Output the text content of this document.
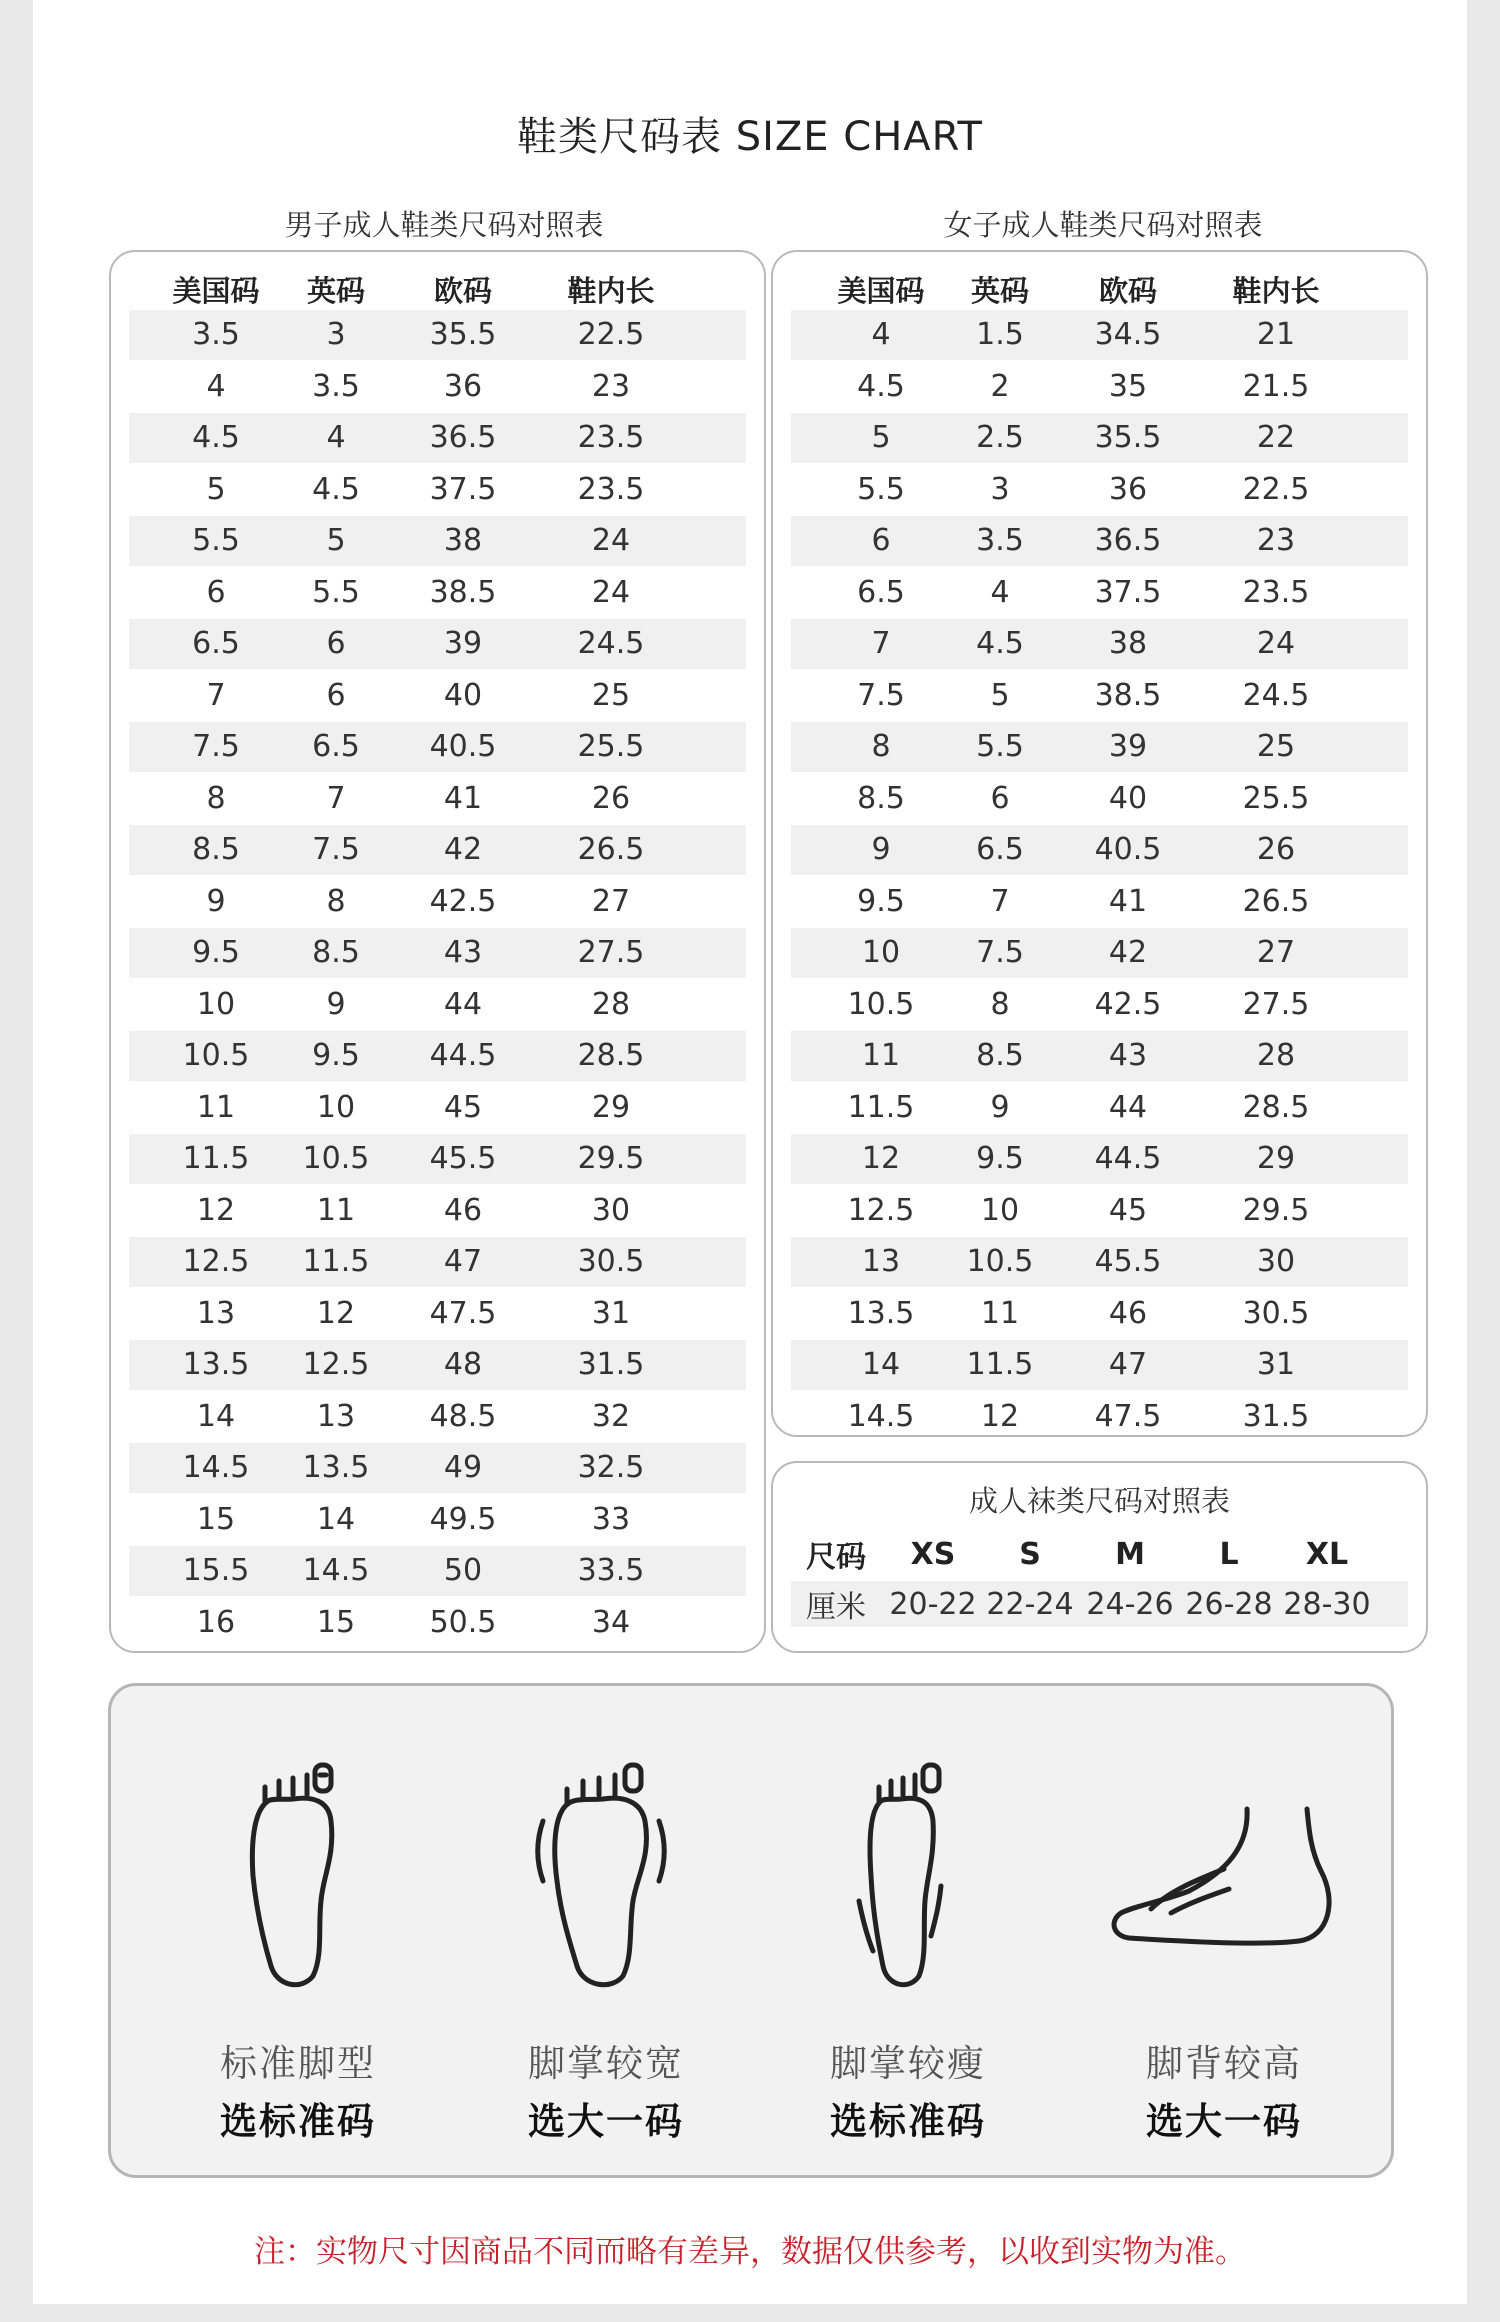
鞋类尺码表 SIZE CHART
男子成人鞋类尺码对照表
美国码	英码	欧码	鞋内长
3.5	3	35.5	22.5
4	3.5	36	23
4.5	4	36.5	23.5
5	4.5	37.5	23.5
5.5	5	38	24
6	5.5	38.5	24
6.5	6	39	24.5
7	6	40	25
7.5	6.5	40.5	25.5
8	7	41	26
8.5	7.5	42	26.5
9	8	42.5	27
9.5	8.5	43	27.5
10	9	44	28
10.5	9.5	44.5	28.5
11	10	45	29
11.5	10.5	45.5	29.5
12	11	46	30
12.5	11.5	47	30.5
13	12	47.5	31
13.5	12.5	48	31.5
14	13	48.5	32
14.5	13.5	49	32.5
15	14	49.5	33
15.5	14.5	50	33.5
16	15	50.5	34
女子成人鞋类尺码对照表
美国码	英码	欧码	鞋内长
4	1.5	34.5	21
4.5	2	35	21.5
5	2.5	35.5	22
5.5	3	36	22.5
6	3.5	36.5	23
6.5	4	37.5	23.5
7	4.5	38	24
7.5	5	38.5	24.5
8	5.5	39	25
8.5	6	40	25.5
9	6.5	40.5	26
9.5	7	41	26.5
10	7.5	42	27
10.5	8	42.5	27.5
11	8.5	43	28
11.5	9	44	28.5
12	9.5	44.5	29
12.5	10	45	29.5
13	10.5	45.5	30
13.5	11	46	30.5
14	11.5	47	31
14.5	12	47.5	31.5
成人袜类尺码对照表
尺码	XS	S	M	L	XL
厘米 20-22 22-24 24-26 26-28 28-30
标准脚型
选标准码
脚掌较宽
选大一码
脚掌较瘦
选标准码
脚背较高
选大一码
注：实物尺寸因商品不同而略有差异，数据仅供参考，以收到实物为准。
